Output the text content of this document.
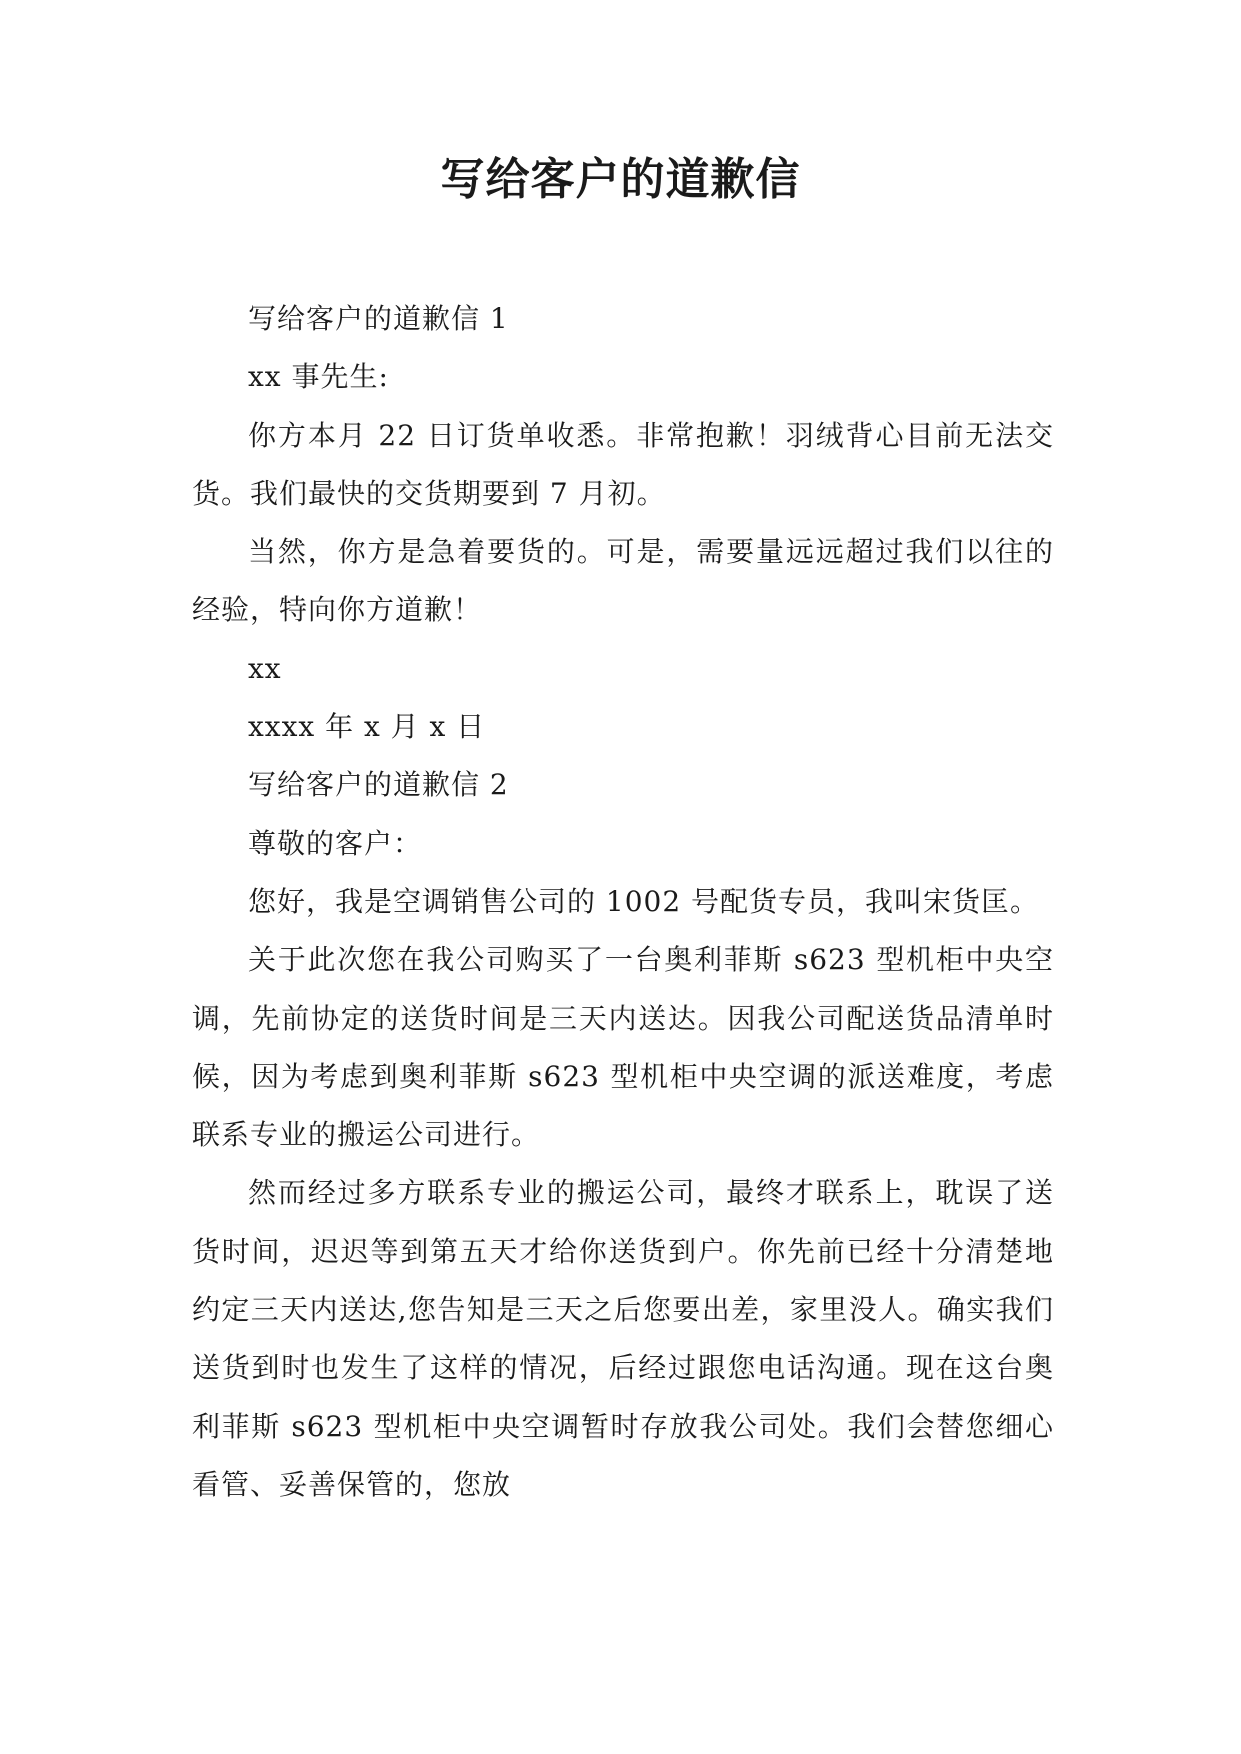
写给客户的道歉信

写给客户的道歉信 1

xx 事先生:

你方本月 22 日订货单收悉。非常抱歉！羽绒背心目前无法交货。我们最快的交货期要到 7 月初。

当然，你方是急着要货的。可是，需要量远远超过我们以往的经验，特向你方道歉！

xx

xxxx 年 x 月 x 日

写给客户的道歉信 2

尊敬的客户：

您好，我是空调销售公司的 1002 号配货专员，我叫宋货匡。

关于此次您在我公司购买了一台奥利菲斯 s623 型机柜中央空调，先前协定的送货时间是三天内送达。因我公司配送货品清单时候，因为考虑到奥利菲斯 s623 型机柜中央空调的派送难度，考虑联系专业的搬运公司进行。

然而经过多方联系专业的搬运公司，最终才联系上，耽误了送货时间，迟迟等到第五天才给你送货到户。你先前已经十分清楚地约定三天内送达,您告知是三天之后您要出差，家里没人。确实我们送货到时也发生了这样的情况，后经过跟您电话沟通。现在这台奥利菲斯 s623 型机柜中央空调暂时存放我公司处。我们会替您细心看管、妥善保管的，您放
